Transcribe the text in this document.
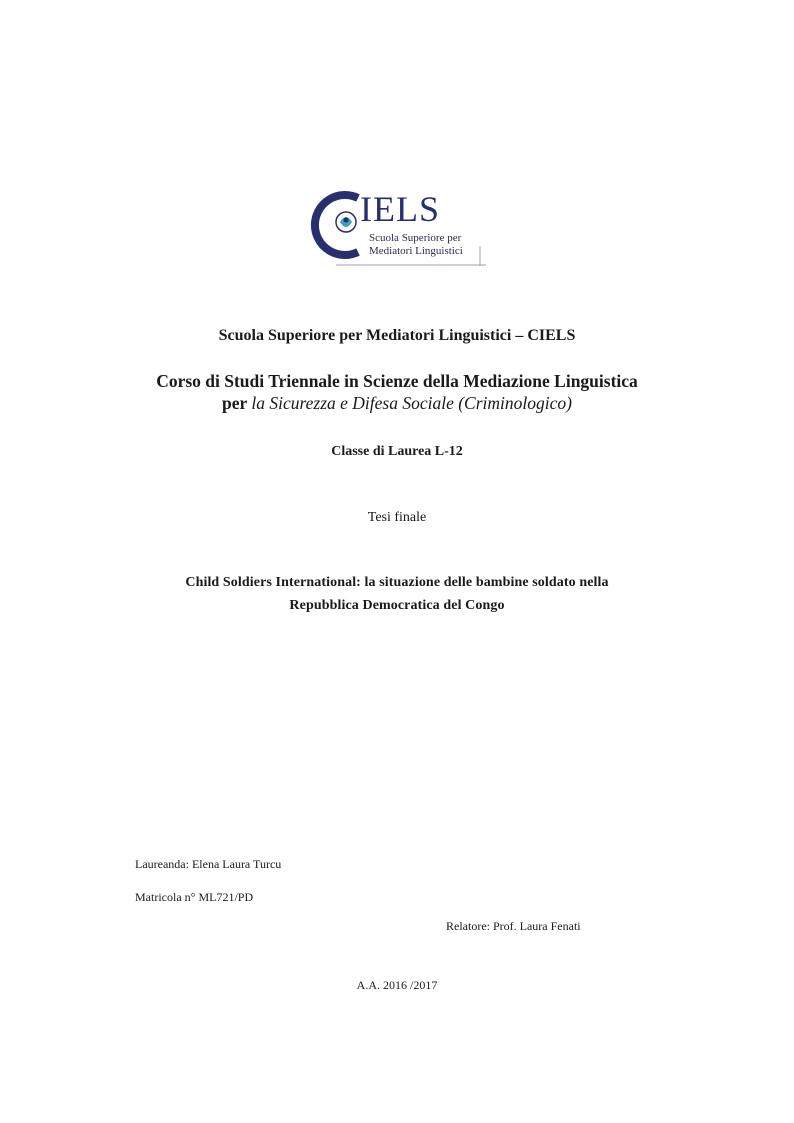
IELS
Scuola Superiore per
Mediatori Linguistici
Scuola Superiore per Mediatori Linguistici – CIELS
Corso di Studi Triennale in Scienze della Mediazione Linguistica
per la Sicurezza e Difesa Sociale (Criminologico)
Classe di Laurea L-12
Tesi finale
Child Soldiers International: la situazione delle bambine soldato nella
Repubblica Democratica del Congo
Laureanda: Elena Laura Turcu
Matricola n° ML721/PD
Relatore: Prof. Laura Fenati
A.A. 2016 /2017
